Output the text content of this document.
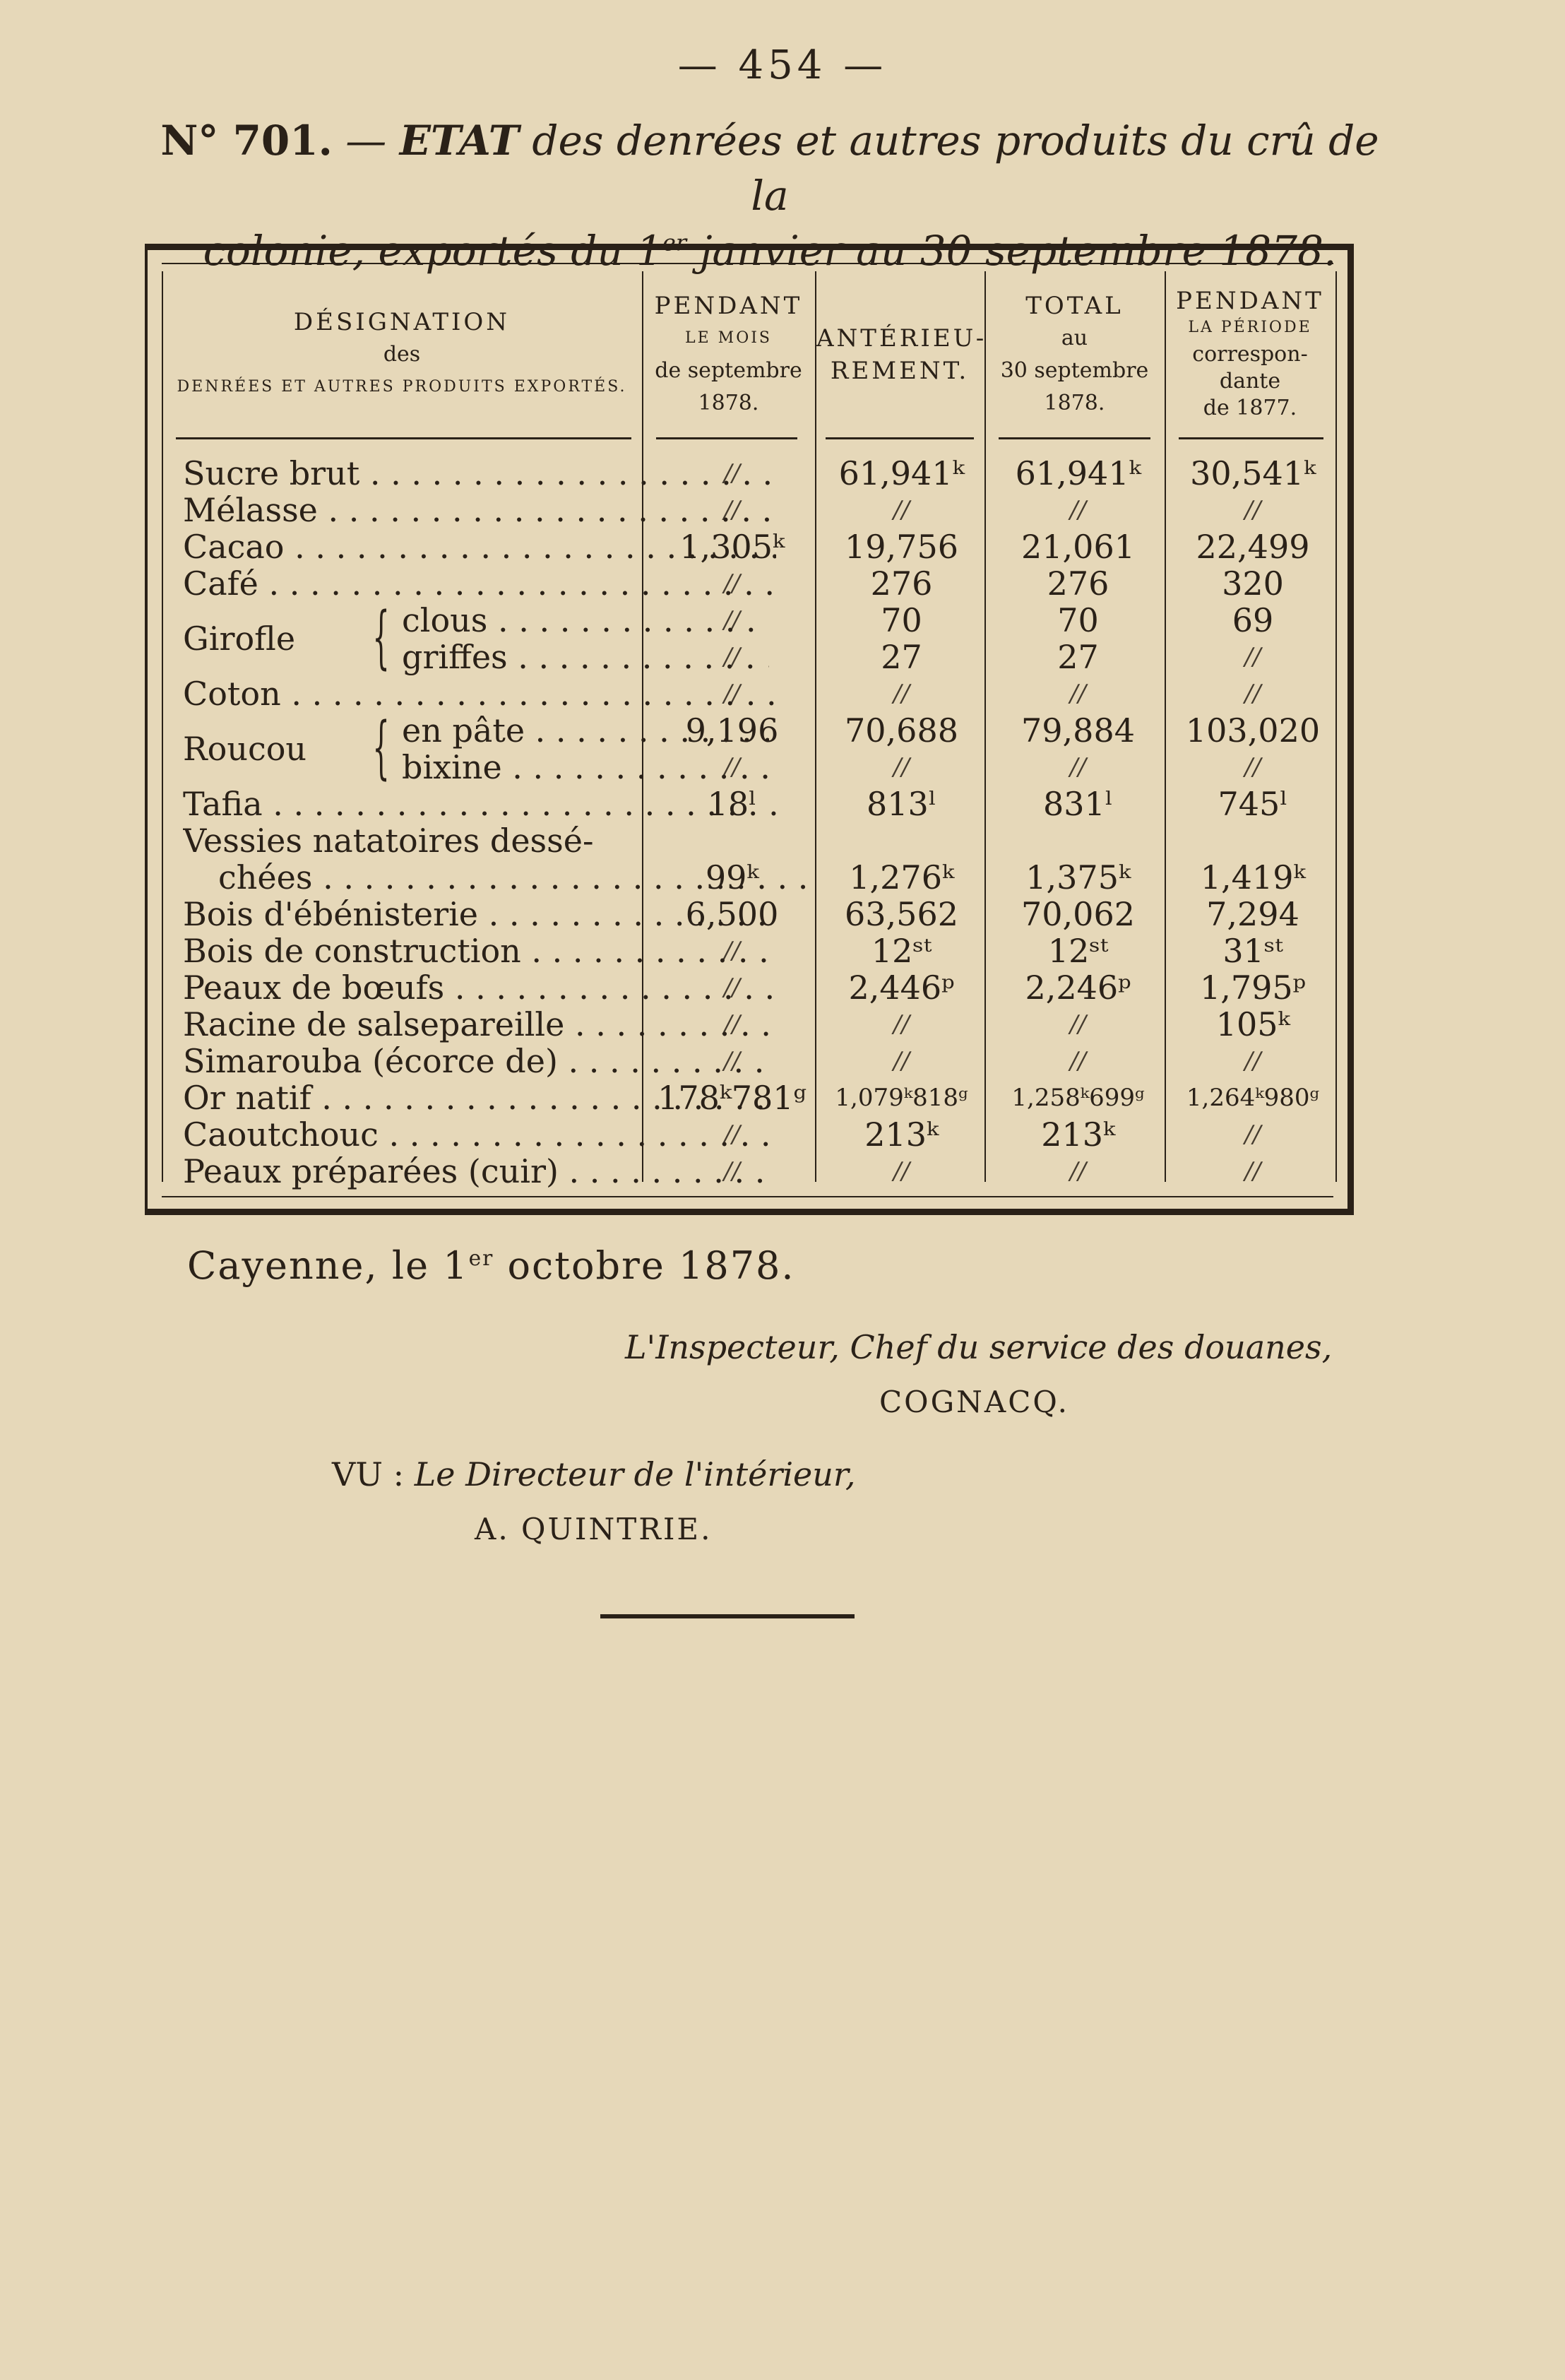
— 454 —
N° 701. — ETAT des denrées et autres produits du crû de la
colonie, exportés du 1er janvier au 30 septembre 1878.
DÉSIGNATION
des
DENRÉES ET AUTRES PRODUITS EXPORTÉS.
PENDANT
LE MOIS
de septembre
1878.
ANTÉRIEU-
REMENT.
TOTAL
au
30 septembre
1878.
PENDANT
LA PÉRIODE
correspon-
dante
de 1877.
Sucre brut . . .	//	61,941ᵏ	61,941ᵏ	30,541ᵏ
Mélasse . . .	//	//	//	//
Cacao . . .	1,305ᵏ	19,756	21,061	22,499
Café . . .	//	276	276	320
clous . . .	//	70	70	69
griffes . . .	//	27	27	//
Girofle {
Coton . . .	//	//	//	//
en pâte . . .	9,196	70,688	79,884	103,020
bixine . . .	//	//	//	//
Roucou {
Tafia . . .	18ˡ	813ˡ	831ˡ	745ˡ
Vessies natatoires dessé-
chées . . .	99ᵏ	1,276ᵏ	1,375ᵏ	1,419ᵏ
Bois d'ébénisterie . . .	6,500	63,562	70,062	7,294
Bois de construction . . .	//	12ˢᵗ	12ˢᵗ	31ˢᵗ
Peaux de bœufs . . .	//	2,446ᵖ	2,246ᵖ	1,795ᵖ
Racine de salsepareille . . .	//	//	//	105ᵏ
Simarouba (écorce de) . . .	//	//	//	//
Or natif . . .	178ᵏ781ᵍ	1,079ᵏ818ᵍ	1,258ᵏ699ᵍ	1,264ᵏ980ᵍ
Caoutchouc . . .	//	213ᵏ	213ᵏ	//
Peaux préparées (cuir) . . .	//	//	//	//
Cayenne, le 1er octobre 1878.
L'Inspecteur, Chef du service des douanes,
COGNACQ.
VU : Le Directeur de l'intérieur,
A. QUINTRIE.
